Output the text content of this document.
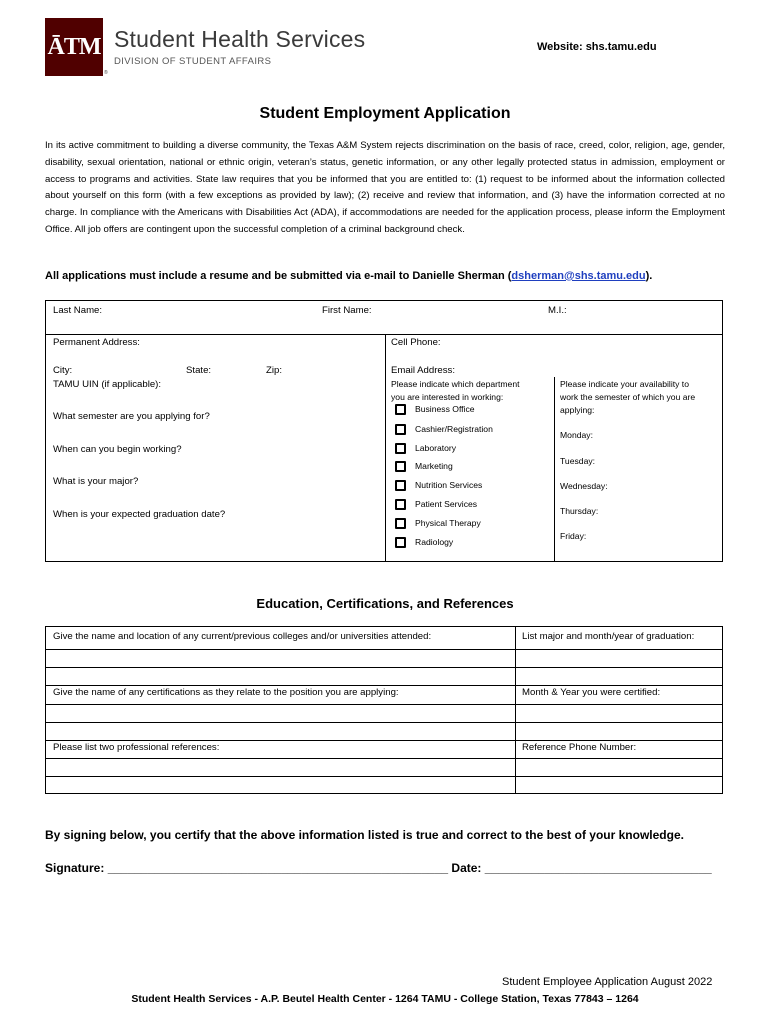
ĀTM
®
Student Health Services
DIVISION OF STUDENT AFFAIRS
Website: shs.tamu.edu
Student Employment Application
In its active commitment to building a diverse community, the Texas A&M System rejects discrimination on the basis of race, creed, color, religion, age, gender, disability, sexual orientation, national or ethnic origin, veteran’s status, genetic information, or any other legally protected status in admission, employment or access to programs and activities. State law requires that you be informed that you are entitled to: (1) request to be informed about the information collected about yourself on this form (with a few exceptions as provided by law); (2) receive and review that information, and (3) have the information corrected at no charge. In compliance with the Americans with Disabilities Act (ADA), if accommodations are needed for the application process, please inform the Employment Office. All job offers are contingent upon the successful completion of a criminal background check.
All applications must include a resume and be submitted via e-mail to Danielle Sherman (dsherman@shs.tamu.edu).
Last Name:	First Name:	M.I.:
Permanent Address:	Cell Phone:
City:	State:	Zip:	Email Address:
TAMU UIN (if applicable):
What semester are you applying for?
When can you begin working?
What is your major?
When is your expected graduation date?
Please indicate which department
you are interested in working:
Business Office
Cashier/Registration
Laboratory
Marketing
Nutrition Services
Patient Services
Physical Therapy
Radiology
Please indicate your availability to
work the semester of which you are
applying:
Monday:
Tuesday:
Wednesday:
Thursday:
Friday:
Education, Certifications, and References
Give the name and location of any current/previous colleges and/or universities attended:	List major and month/year of graduation:
Give the name of any certifications as they relate to the position you are applying:	Month & Year you were certified:
Please list two professional references:	Reference Phone Number:
By signing below, you certify that the above information listed is true and correct to the best of your knowledge.
Signature: ___________________________________________________ Date: __________________________________
Student Employee Application August 2022
Student Health Services - A.P. Beutel Health Center - 1264 TAMU - College Station, Texas 77843 – 1264
